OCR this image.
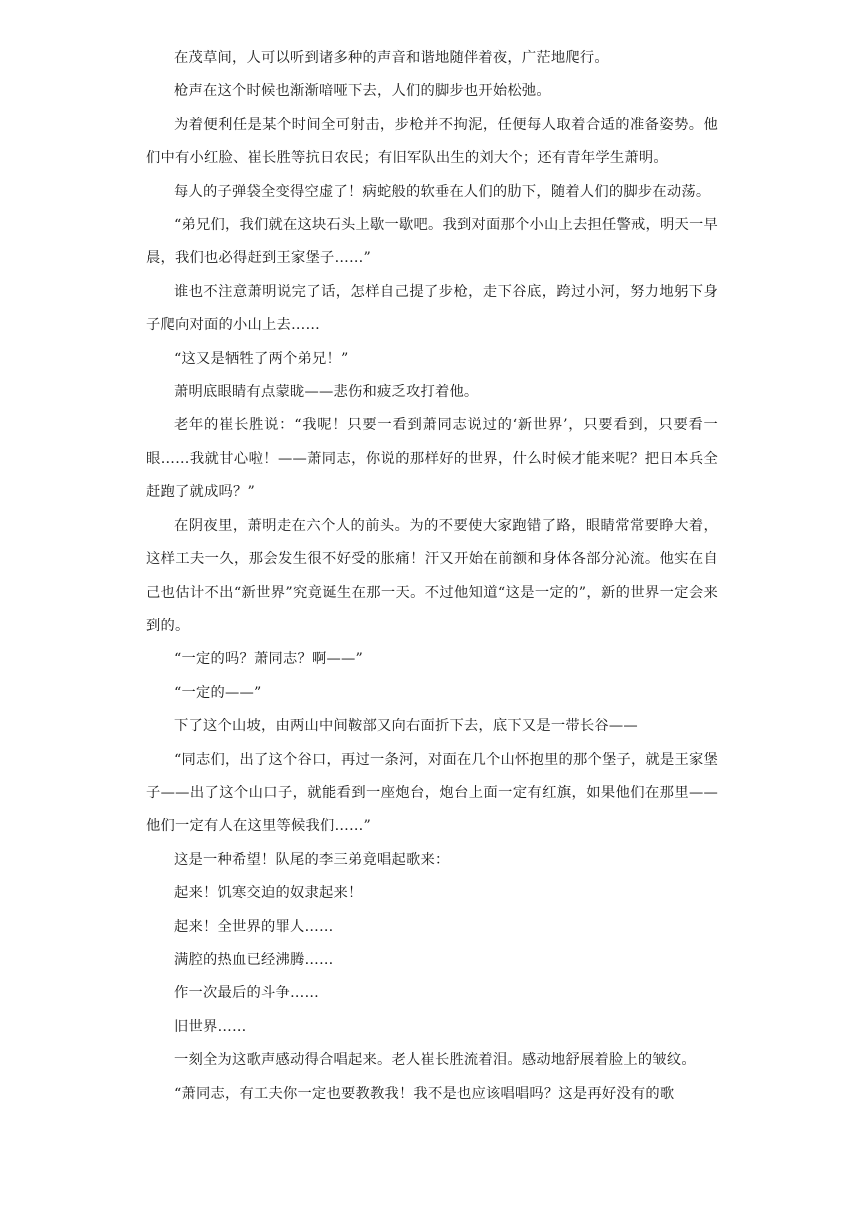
在茂草间，人可以听到诸多种的声音和谐地随伴着夜，广茫地爬行。

枪声在这个时候也渐渐喑哑下去，人们的脚步也开始松弛。

为着便利任是某个时间全可射击，步枪并不拘泥，任便每人取着合适的准备姿势。他们中有小红脸、崔长胜等抗日农民；有旧军队出生的刘大个；还有青年学生萧明。

每人的子弹袋全变得空虚了！病蛇般的软垂在人们的肋下，随着人们的脚步在动荡。

“弟兄们，我们就在这块石头上歇一歇吧。我到对面那个小山上去担任警戒，明天一早晨，我们也必得赶到王家堡子……”

谁也不注意萧明说完了话，怎样自己提了步枪，走下谷底，跨过小河，努力地躬下身子爬向对面的小山上去……

“这又是牺牲了两个弟兄！”

萧明底眼睛有点蒙眬——悲伤和疲乏攻打着他。

老年的崔长胜说：“我呢！只要一看到萧同志说过的‘新世界’，只要看到，只要看一眼……我就甘心啦！——萧同志，你说的那样好的世界，什么时候才能来呢？把日本兵全赶跑了就成吗？”

在阴夜里，萧明走在六个人的前头。为的不要使大家跑错了路，眼睛常常要睁大着，这样工夫一久，那会发生很不好受的胀痛！汗又开始在前额和身体各部分沁流。他实在自己也估计不出“新世界”究竟诞生在那一天。不过他知道“这是一定的”，新的世界一定会来到的。

“一定的吗？萧同志？啊——”

“一定的——”

下了这个山坡，由两山中间鞍部又向右面折下去，底下又是一带长谷——

“同志们，出了这个谷口，再过一条河，对面在几个山怀抱里的那个堡子，就是王家堡子——出了这个山口子，就能看到一座炮台，炮台上面一定有红旗，如果他们在那里——他们一定有人在这里等候我们……”

这是一种希望！队尾的李三弟竟唱起歌来：

起来！饥寒交迫的奴隶起来！

起来！全世界的罪人……

满腔的热血已经沸腾……

作一次最后的斗争……

旧世界……

一刻全为这歌声感动得合唱起来。老人崔长胜流着泪。感动地舒展着脸上的皱纹。

“萧同志，有工夫你一定也要教教我！我不是也应该唱唱吗？这是再好没有的歌
